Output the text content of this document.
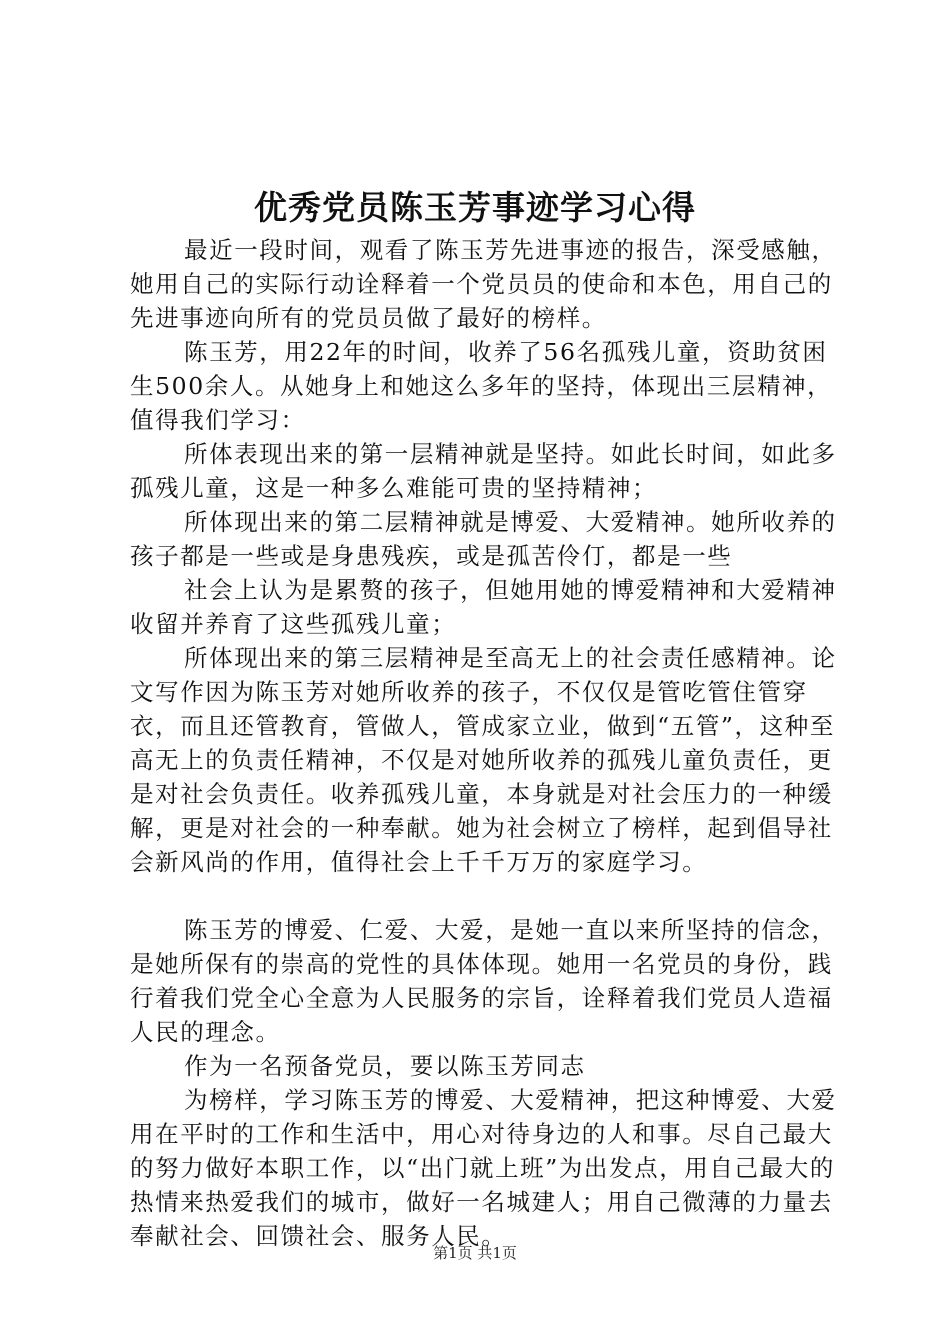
优秀党员陈玉芳事迹学习心得

最近一段时间，观看了陈玉芳先进事迹的报告，深受感触，她用自己的实际行动诠释着一个党员员的使命和本色，用自己的先进事迹向所有的党员员做了最好的榜样。

陈玉芳，用22年的时间，收养了56名孤残儿童，资助贫困生500余人。从她身上和她这么多年的坚持，体现出三层精神，值得我们学习：

所体表现出来的第一层精神就是坚持。如此长时间，如此多孤残儿童，这是一种多么难能可贵的坚持精神；

所体现出来的第二层精神就是博爱、大爱精神。她所收养的孩子都是一些或是身患残疾，或是孤苦伶仃，都是一些

社会上认为是累赘的孩子，但她用她的博爱精神和大爱精神收留并养育了这些孤残儿童；

所体现出来的第三层精神是至高无上的社会责任感精神。论文写作因为陈玉芳对她所收养的孩子，不仅仅是管吃管住管穿衣，而且还管教育，管做人，管成家立业，做到“五管”，这种至高无上的负责任精神，不仅是对她所收养的孤残儿童负责任，更是对社会负责任。收养孤残儿童，本身就是对社会压力的一种缓解，更是对社会的一种奉献。她为社会树立了榜样，起到倡导社会新风尚的作用，值得社会上千千万万的家庭学习。

陈玉芳的博爱、仁爱、大爱，是她一直以来所坚持的信念，是她所保有的崇高的党性的具体体现。她用一名党员的身份，践行着我们党全心全意为人民服务的宗旨，诠释着我们党员人造福人民的理念。

作为一名预备党员，要以陈玉芳同志

为榜样，学习陈玉芳的博爱、大爱精神，把这种博爱、大爱用在平时的工作和生活中，用心对待身边的人和事。尽自己最大的努力做好本职工作，以“出门就上班”为出发点，用自己最大的热情来热爱我们的城市，做好一名城建人；用自己微薄的力量去奉献社会、回馈社会、服务人民。

第1页 共1页
